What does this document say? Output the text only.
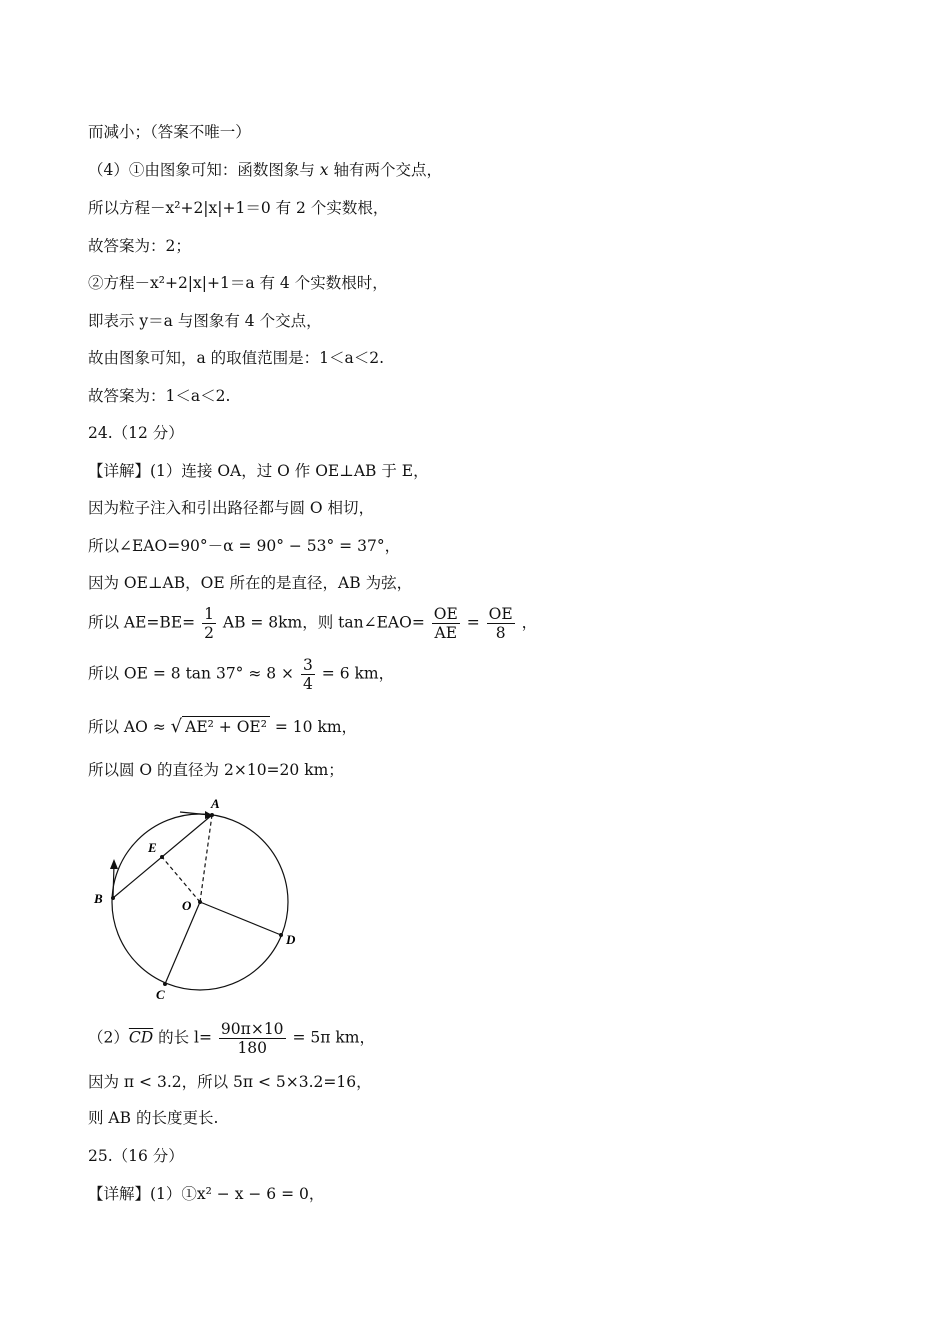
而减小；（答案不唯一）
（4）①由图象可知：函数图象与 x 轴有两个交点，
所以方程－x²+2|x|+1＝0 有 2 个实数根，
故答案为：2；
②方程－x²+2|x|+1＝a 有 4 个实数根时，
即表示 y＝a 与图象有 4 个交点，
故由图象可知，a 的取值范围是：1＜a＜2.
故答案为：1＜a＜2.
24.（12 分）
【详解】(1）连接 OA，过 O 作 OE⊥AB 于 E，
因为粒子注入和引出路径都与圆 O 相切，
所以∠EAO=90°－α = 90° − 53° = 37°，
因为 OE⊥AB，OE 所在的是直径，AB 为弦，
所以 $AE=BE= \frac{1}{2}$ AB = 8km，则 tan∠EAO= $\frac{OE}{AE} = \frac{OE}{8}$ ，
所以 OE = 8 $\tan 37^\circ \approx 8 \times \frac{3}{4} = 6$ km，
所以 AO ≈ √ AE² + OE² = 10 km，
所以圆 O 的直径为 2×10=20 km；
A
B
E
O
D
C
$(2)\overline{CD}$ 的长 $l= \frac{90\pi\times 10}{180} = 5\pi$ km，
因为 π < 3.2，所以 5π < 5×3.2=16，
则 AB 的长度更长.
25.（16 分）
【详解】(1）①x² − x − 6 = 0，
